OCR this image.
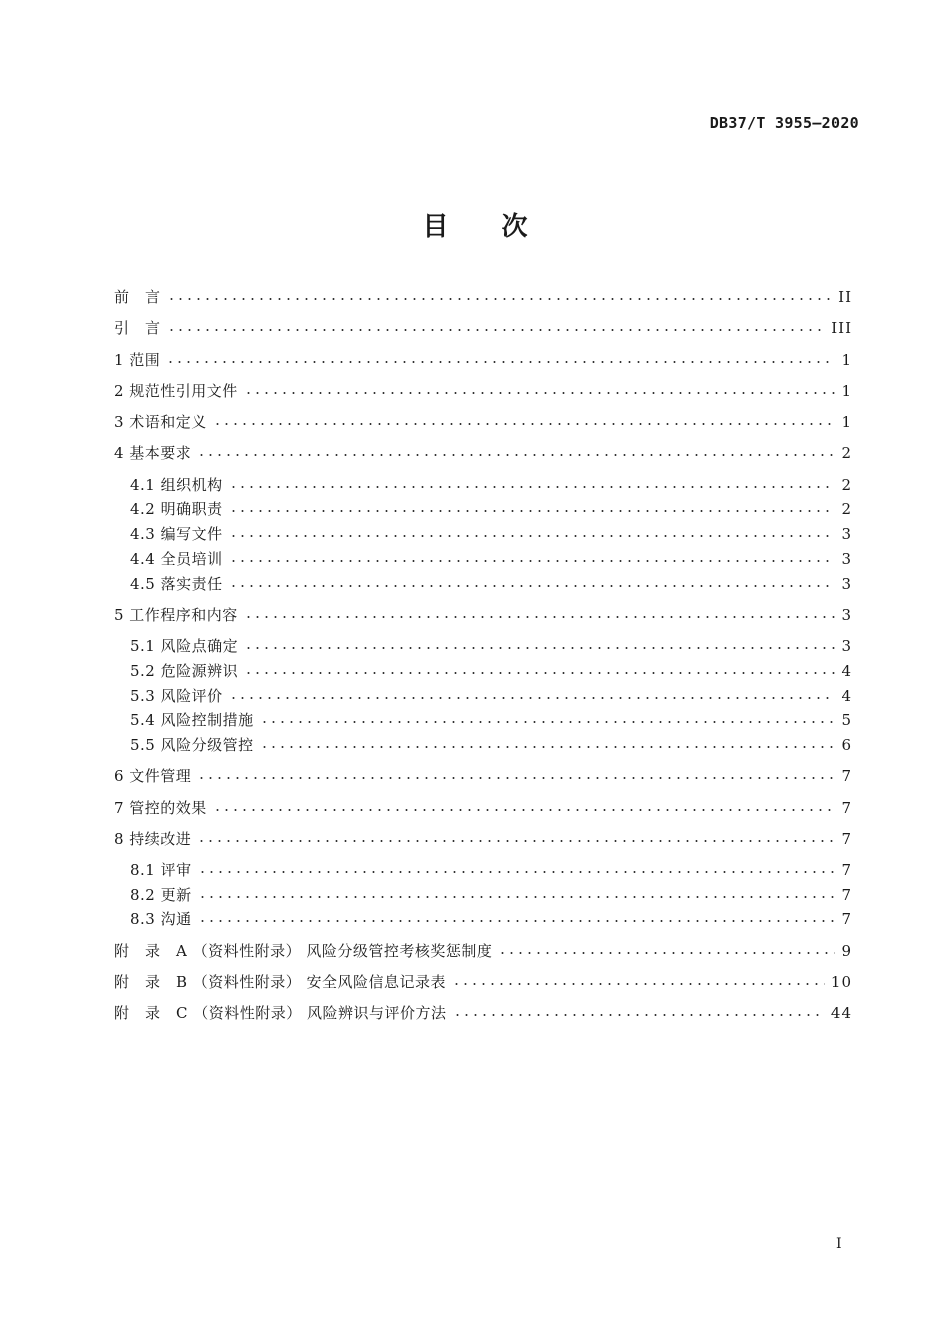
DB37/T 3955—2020
目 次
前　言	II
引　言	III
1 范围	1
2 规范性引用文件	1
3 术语和定义	1
4 基本要求	2
4.1 组织机构	2
4.2 明确职责	2
4.3 编写文件	3
4.4 全员培训	3
4.5 落实责任	3
5 工作程序和内容	3
5.1 风险点确定	3
5.2 危险源辨识	4
5.3 风险评价	4
5.4 风险控制措施	5
5.5 风险分级管控	6
6 文件管理	7
7 管控的效果	7
8 持续改进	7
8.1 评审	7
8.2 更新	7
8.3 沟通	7
附　录　A （资料性附录） 风险分级管控考核奖惩制度	9
附　录　B （资料性附录） 安全风险信息记录表	10
附　录　C （资料性附录） 风险辨识与评价方法	44
I
